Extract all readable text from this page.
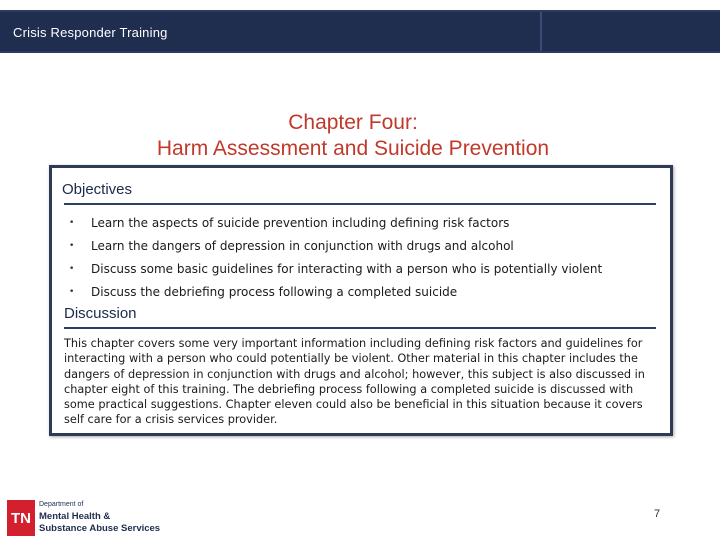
Crisis Responder Training
Chapter Four:
Harm Assessment and Suicide Prevention
Objectives
•	Learn the aspects of suicide prevention including defining risk factors
•	Learn the dangers of depression in conjunction with drugs and alcohol
•	Discuss some basic guidelines for interacting with a person who is potentially violent
•	Discuss the debriefing process following a completed suicide
Discussion

This chapter covers some very important information including defining risk factors and guidelines for interacting with a person who could potentially be violent. Other material in this chapter includes the dangers of depression in conjunction with drugs and alcohol; however, this subject is also discussed in chapter eight of this training. The debriefing process following a completed suicide is discussed with some practical suggestions. Chapter eleven could also be beneficial in this situation because it covers self care for a crisis services provider.

7
TN
Department of
Mental Health &
Substance Abuse Services
